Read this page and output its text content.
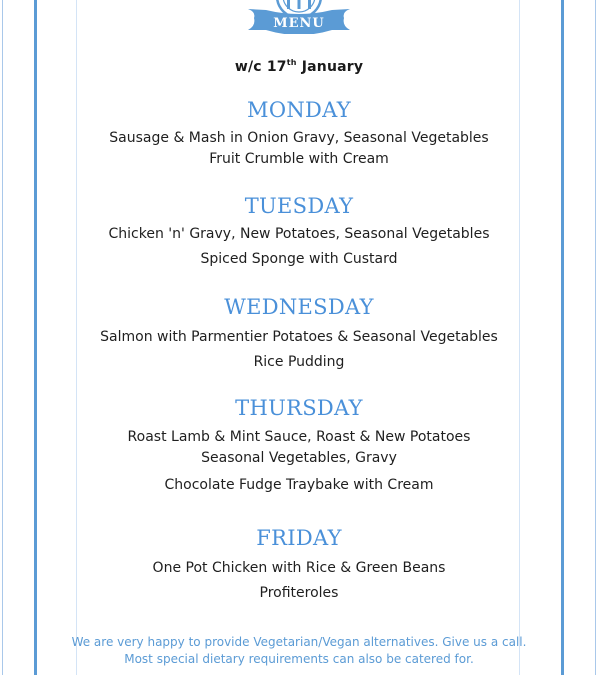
MENU
w/c 17th January
MONDAY
Sausage & Mash in Onion Gravy, Seasonal Vegetables
Fruit Crumble with Cream
TUESDAY
Chicken 'n' Gravy, New Potatoes, Seasonal Vegetables
Spiced Sponge with Custard
WEDNESDAY
Salmon with Parmentier Potatoes & Seasonal Vegetables
Rice Pudding
THURSDAY
Roast Lamb & Mint Sauce, Roast & New Potatoes
Seasonal Vegetables, Gravy
Chocolate Fudge Traybake with Cream
FRIDAY
One Pot Chicken with Rice & Green Beans
Profiteroles
We are very happy to provide Vegetarian/Vegan alternatives. Give us a call.
Most special dietary requirements can also be catered for.
